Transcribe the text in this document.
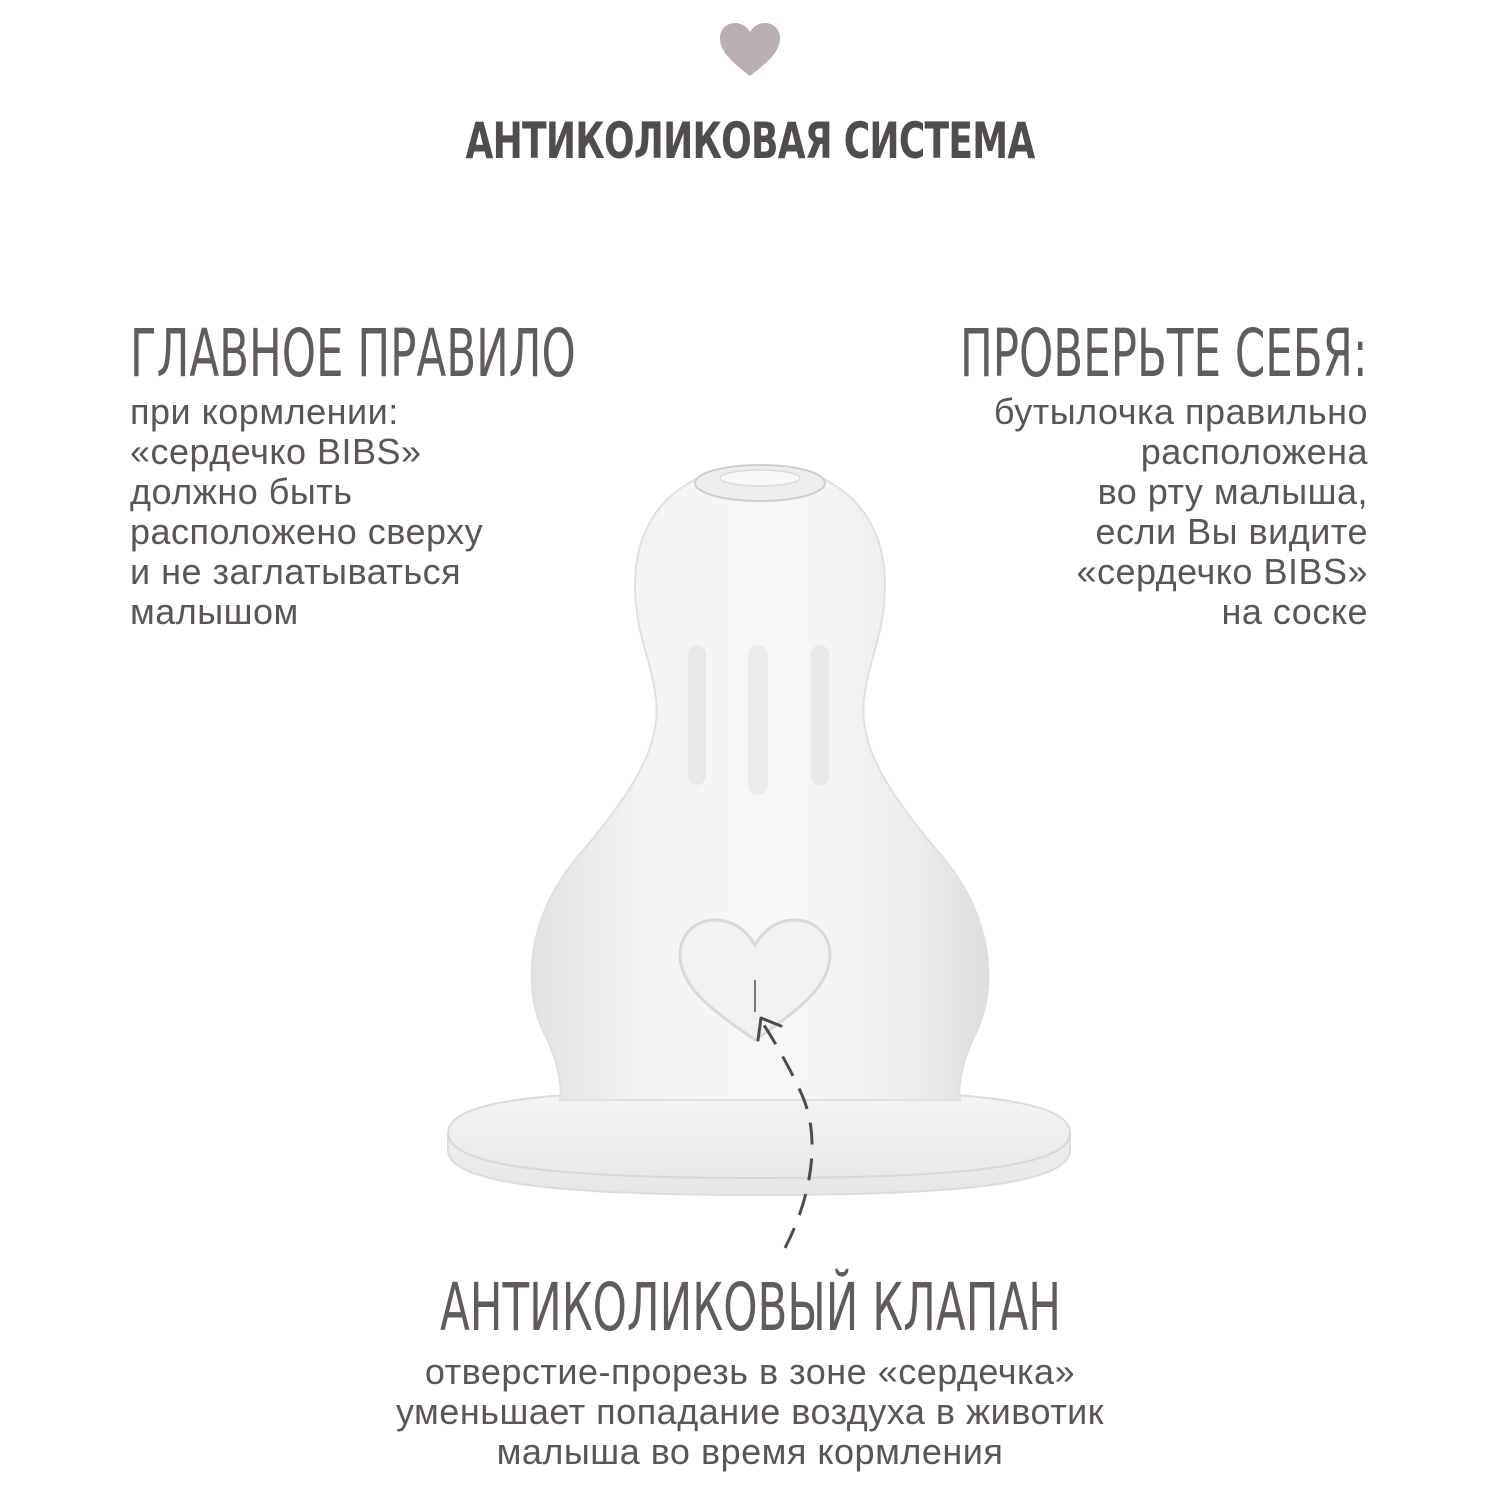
АНТИКОЛИКОВАЯ СИСТЕМА
ГЛАВНОЕ ПРАВИЛО

при кормлении:
«сердечко BIBS»
должно быть
расположено сверху
и не заглатываться
малышом

ПРОВЕРЬТЕ СЕБЯ:

бутылочка правильно
расположена
во рту малыша,
если Вы видите
«сердечко BIBS»
на соске

АНТИКОЛИКОВЫЙ КЛАПАН

отверстие-прорезь в зоне «сердечка»
уменьшает попадание воздуха в животик
малыша во время кормления
